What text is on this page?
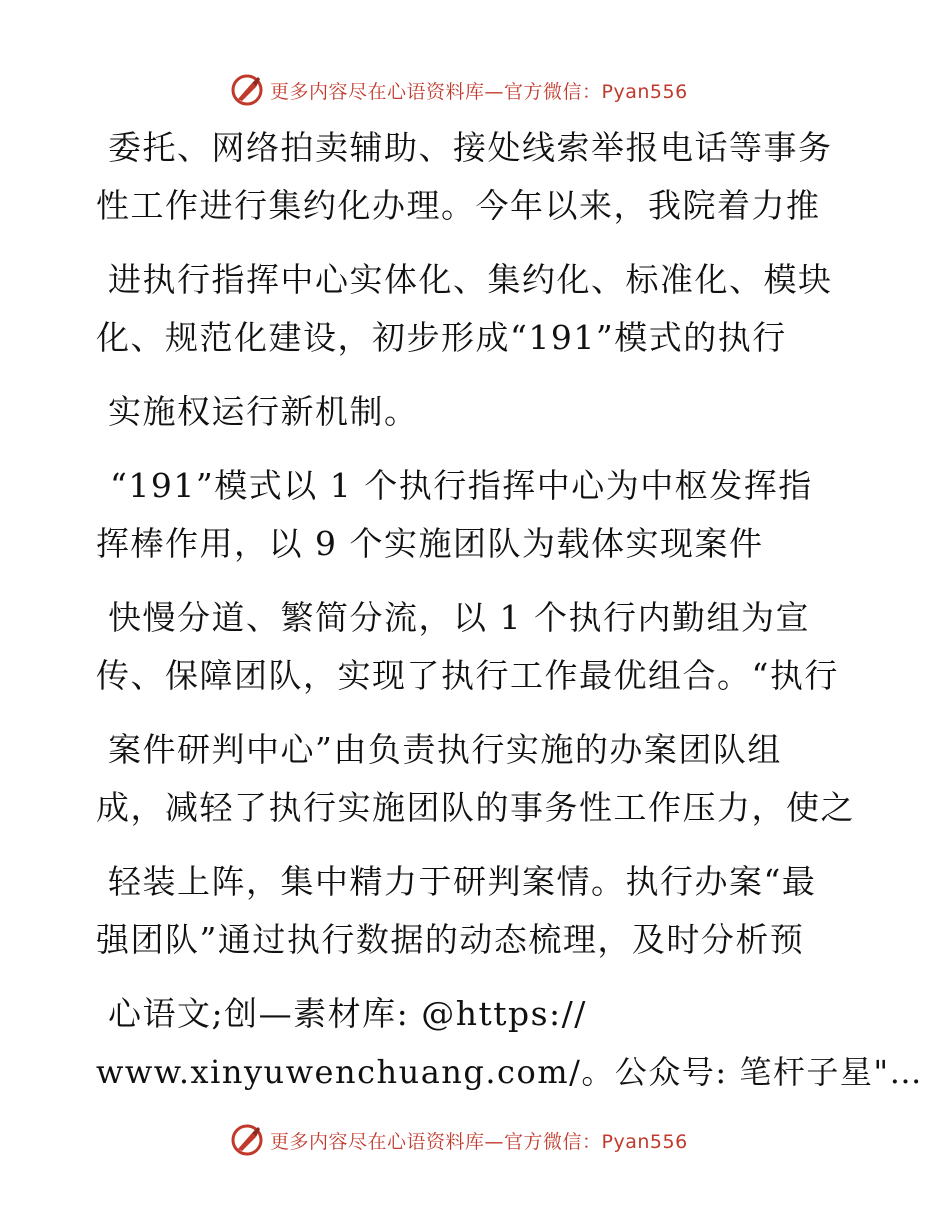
更多内容尽在心语资料库—官方微信：Pyan556
委托、网络拍卖辅助、接处线索举报电话等事务
性工作进行集约化办理。今年以来，我院着力推
进执行指挥中心实体化、集约化、标准化、模块
化、规范化建设，初步形成“191”模式的执行
实施权运行新机制。
“191”模式以 1 个执行指挥中心为中枢发挥指
挥棒作用，以 9 个实施团队为载体实现案件
快慢分道、繁简分流，以 1 个执行内勤组为宣
传、保障团队，实现了执行工作最优组合。“执行
案件研判中心”由负责执行实施的办案团队组
成，减轻了执行实施团队的事务性工作压力，使之
轻装上阵，集中精力于研判案情。执行办案“最
强团队”通过执行数据的动态梳理，及时分析预
心语文;创—素材库: @https://
www.xinyuwenchuang.com/。公众号: 笔杆子星"…
更多内容尽在心语资料库—官方微信：Pyan556
